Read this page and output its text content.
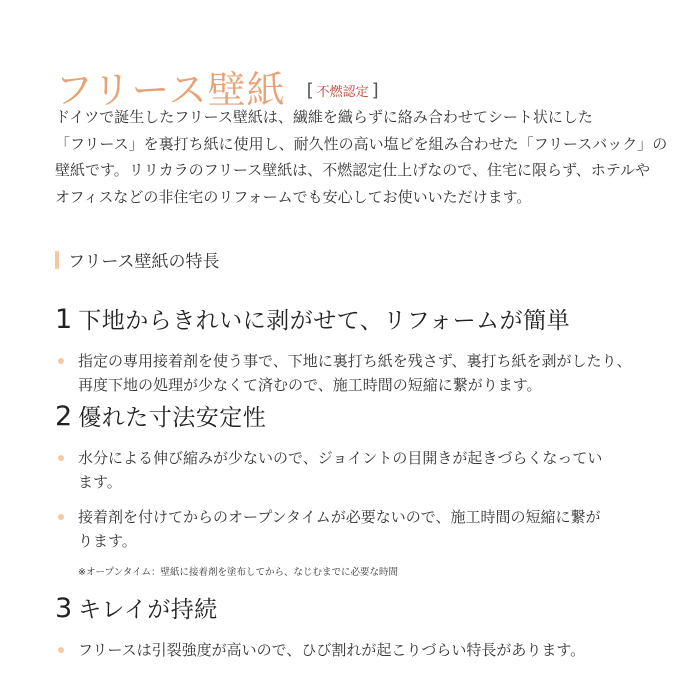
フリース壁紙 [ 不燃認定 ]

ドイツで誕生したフリース壁紙は、繊維を織らずに絡み合わせてシート状にした

「フリース」を裏打ち紙に使用し、耐久性の高い塩ビを組み合わせた「フリースバック」の

壁紙です。リリカラのフリース壁紙は、不燃認定仕上げなので、住宅に限らず、ホテルや

オフィスなどの非住宅のリフォームでも安心してお使いいただけます。

フリース壁紙の特長
1 下地からきれいに剥がせて、リフォームが簡単

指定の専用接着剤を使う事で、下地に裏打ち紙を残さず、裏打ち紙を剥がしたり、

再度下地の処理が少なくて済むので、施工時間の短縮に繋がります。

2 優れた寸法安定性

水分による伸び縮みが少ないので、ジョイントの目開きが起きづらくなってい

ます。

接着剤を付けてからのオープンタイムが必要ないので、施工時間の短縮に繋が

ります。

※オープンタイム：壁紙に接着剤を塗布してから、なじむまでに必要な時間
3 キレイが持続

フリースは引裂強度が高いので、ひび割れが起こりづらい特長があります。
